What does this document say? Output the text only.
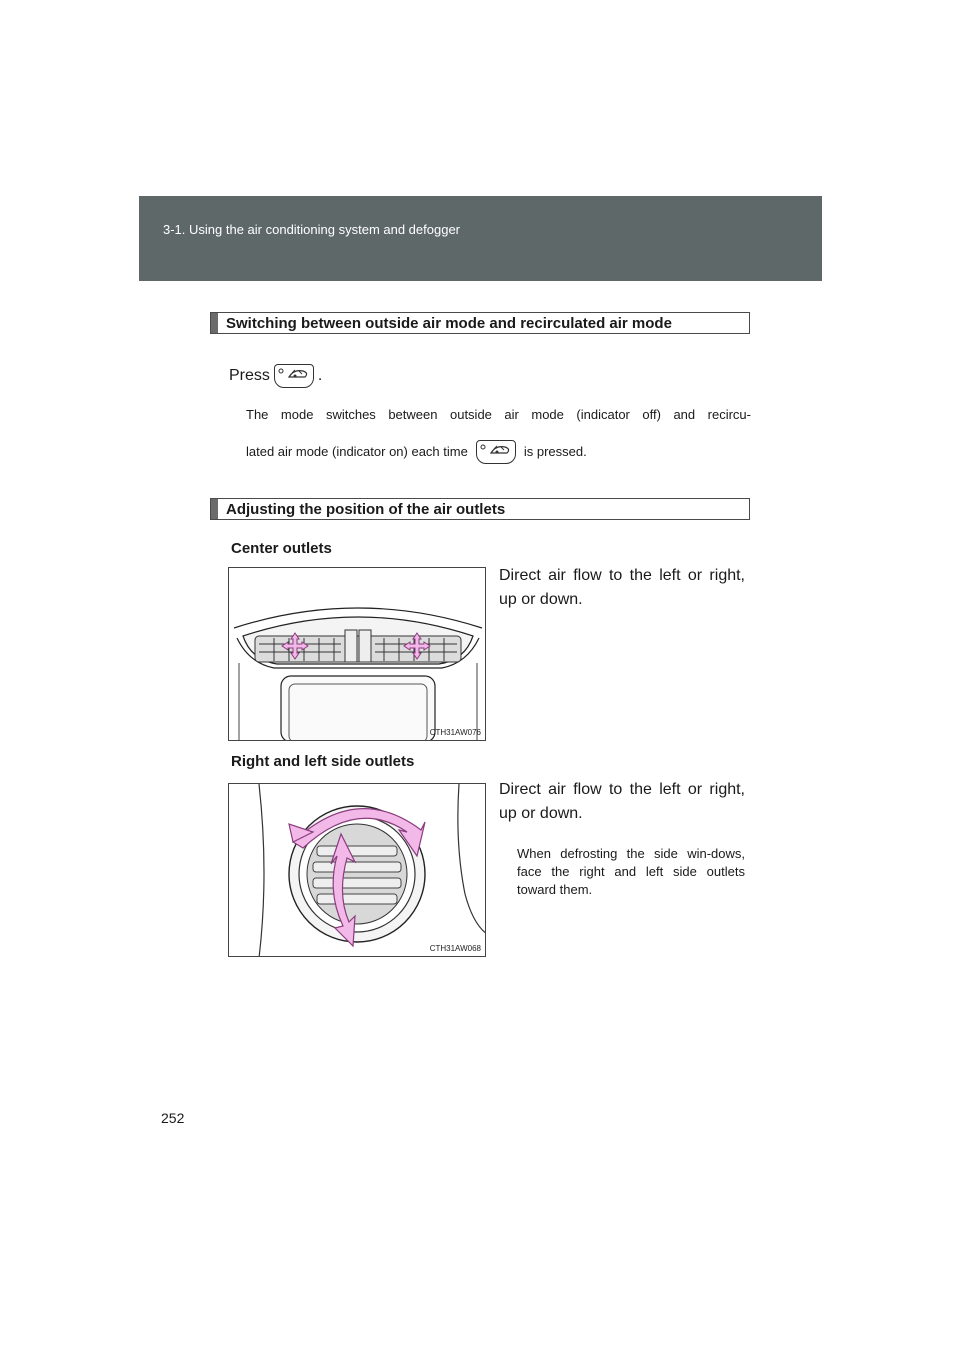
3-1. Using the air conditioning system and defogger
Switching between outside air mode and recirculated air mode
Press	.
The mode switches between outside air mode (indicator off) and recircu-
lated air mode (indicator on) each time	is pressed.
Adjusting the position of the air outlets
Center outlets
CTH31AW076
Direct air flow to the left or right,
up or down.
Right and left side outlets
CTH31AW068
Direct air flow to the left or right,
up or down.
When defrosting the side win-dows, face the right and left side outlets toward them.
252
